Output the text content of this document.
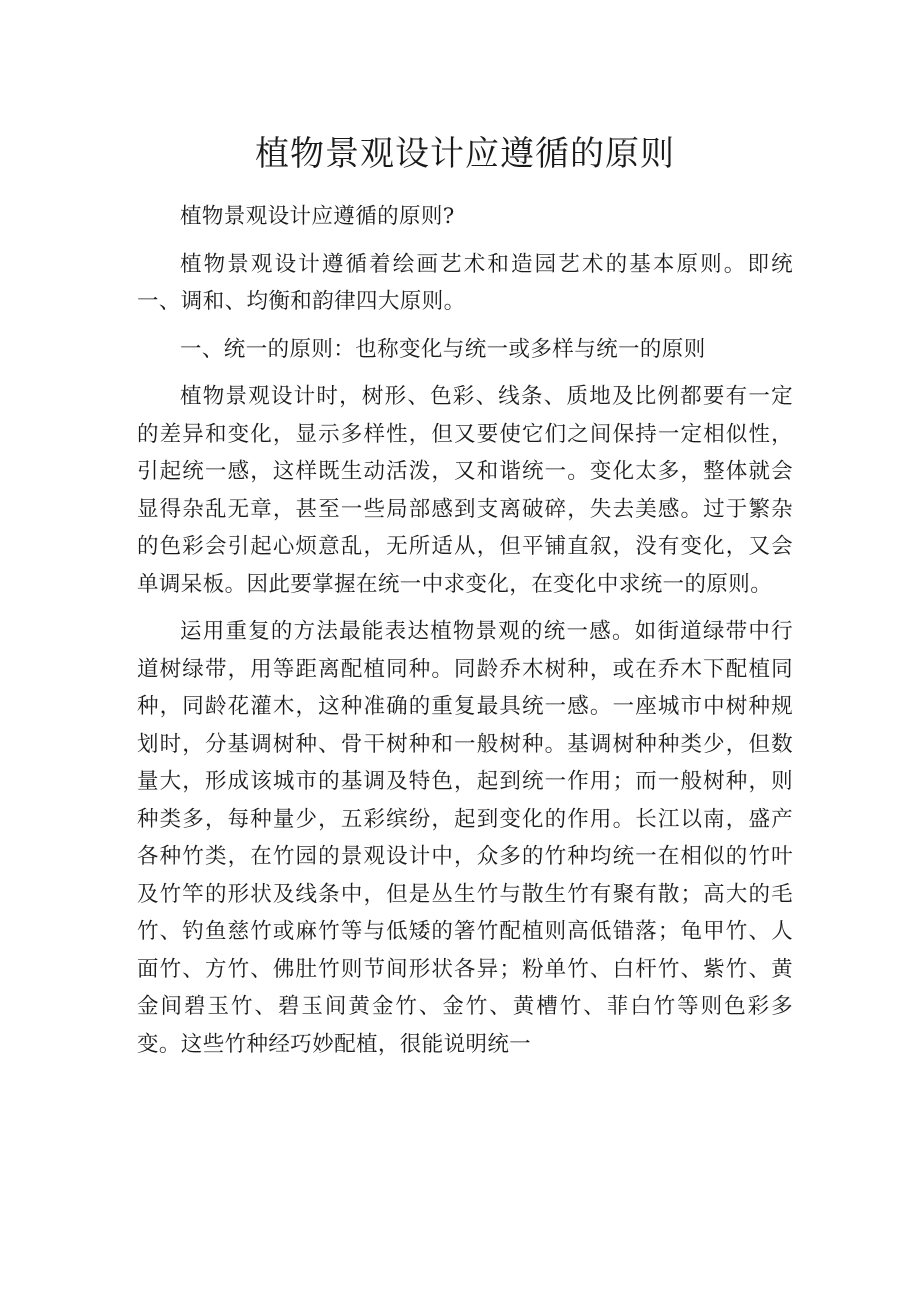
植物景观设计应遵循的原则

植物景观设计应遵循的原则?

植物景观设计遵循着绘画艺术和造园艺术的基本原则。即统一、调和、均衡和韵律四大原则。

一、统一的原则：也称变化与统一或多样与统一的原则

植物景观设计时，树形、色彩、线条、质地及比例都要有一定的差异和变化，显示多样性，但又要使它们之间保持一定相似性，引起统一感，这样既生动活泼，又和谐统一。变化太多，整体就会显得杂乱无章，甚至一些局部感到支离破碎，失去美感。过于繁杂的色彩会引起心烦意乱，无所适从，但平铺直叙，没有变化，又会单调呆板。因此要掌握在统一中求变化，在变化中求统一的原则。

运用重复的方法最能表达植物景观的统一感。如街道绿带中行道树绿带，用等距离配植同种。同龄乔木树种，或在乔木下配植同种，同龄花灌木，这种准确的重复最具统一感。一座城市中树种规划时，分基调树种、骨干树种和一般树种。基调树种种类少，但数量大，形成该城市的基调及特色，起到统一作用；而一般树种，则种类多，每种量少，五彩缤纷，起到变化的作用。长江以南，盛产各种竹类，在竹园的景观设计中，众多的竹种均统一在相似的竹叶及竹竿的形状及线条中，但是丛生竹与散生竹有聚有散；高大的毛竹、钓鱼慈竹或麻竹等与低矮的箸竹配植则高低错落；龟甲竹、人面竹、方竹、佛肚竹则节间形状各异；粉单竹、白杆竹、紫竹、黄金间碧玉竹、碧玉间黄金竹、金竹、黄槽竹、菲白竹等则色彩多变。这些竹种经巧妙配植，很能说明统一
